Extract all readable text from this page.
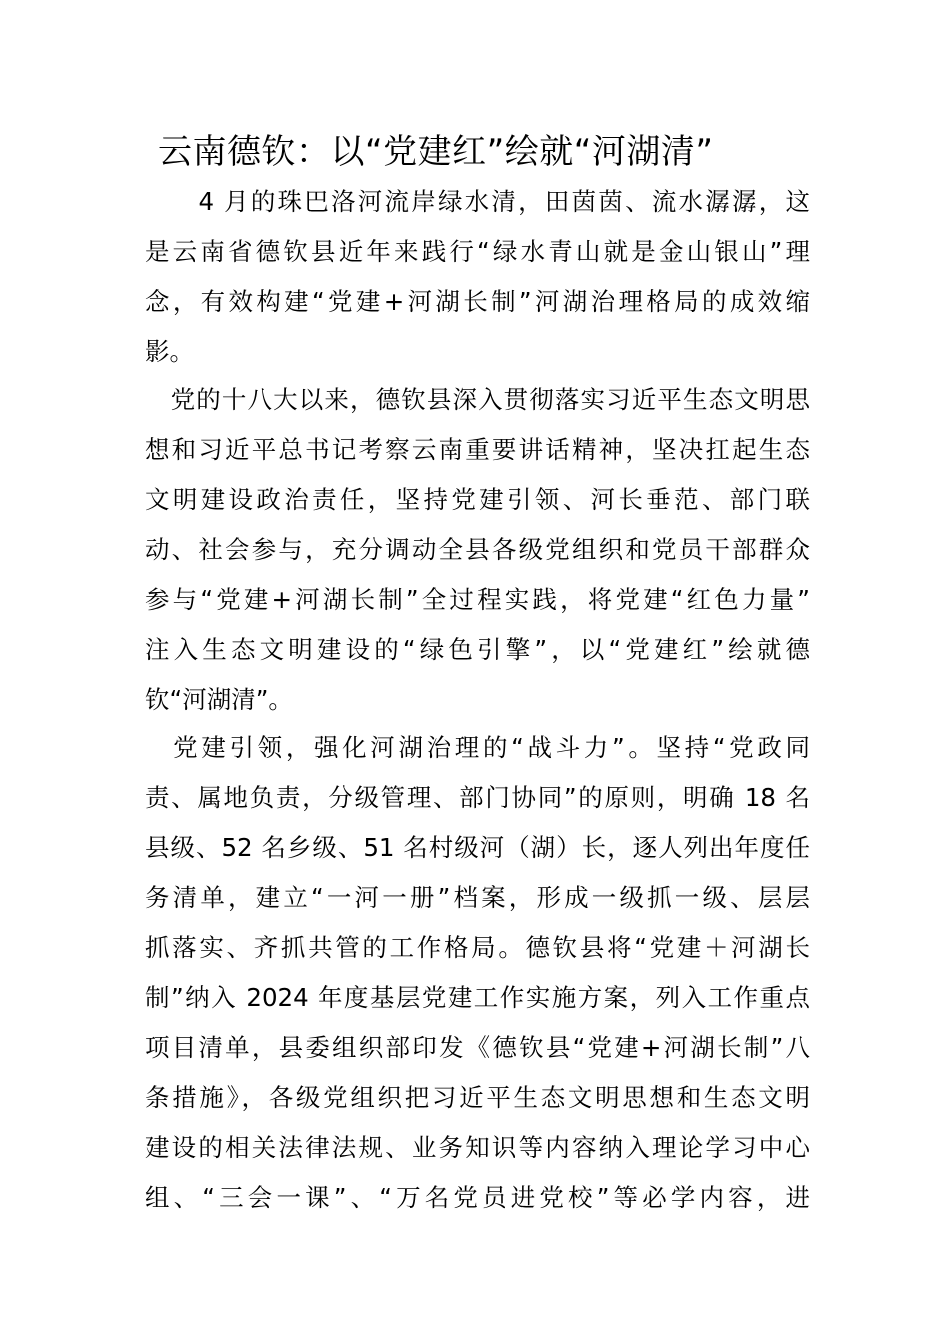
云南德钦：以“党建红”绘就“河湖清”
　　4 月的珠巴洛河流岸绿水清，田茵茵、流水潺潺，这
是云南省德钦县近年来践行“绿水青山就是金山银山”理
念，有效构建“党建+河湖长制”河湖治理格局的成效缩
影。
　党的十八大以来，德钦县深入贯彻落实习近平生态文明思
想和习近平总书记考察云南重要讲话精神，坚决扛起生态
文明建设政治责任，坚持党建引领、河长垂范、部门联
动、社会参与，充分调动全县各级党组织和党员干部群众
参与“党建+河湖长制”全过程实践，将党建“红色力量”
注入生态文明建设的“绿色引擎”，以“党建红”绘就德
钦“河湖清”。
　党建引领，强化河湖治理的“战斗力”。坚持“党政同
责、属地负责，分级管理、部门协同”的原则，明确 18 名
县级、52 名乡级、51 名村级河（湖）长，逐人列出年度任
务清单，建立“一河一册”档案，形成一级抓一级、层层
抓落实、齐抓共管的工作格局。德钦县将“党建＋河湖长
制”纳入 2024 年度基层党建工作实施方案，列入工作重点
项目清单，县委组织部印发《德钦县“党建+河湖长制”八
条措施》，各级党组织把习近平生态文明思想和生态文明
建设的相关法律法规、业务知识等内容纳入理论学习中心
组、“三会一课”、“万名党员进党校”等必学内容，进
